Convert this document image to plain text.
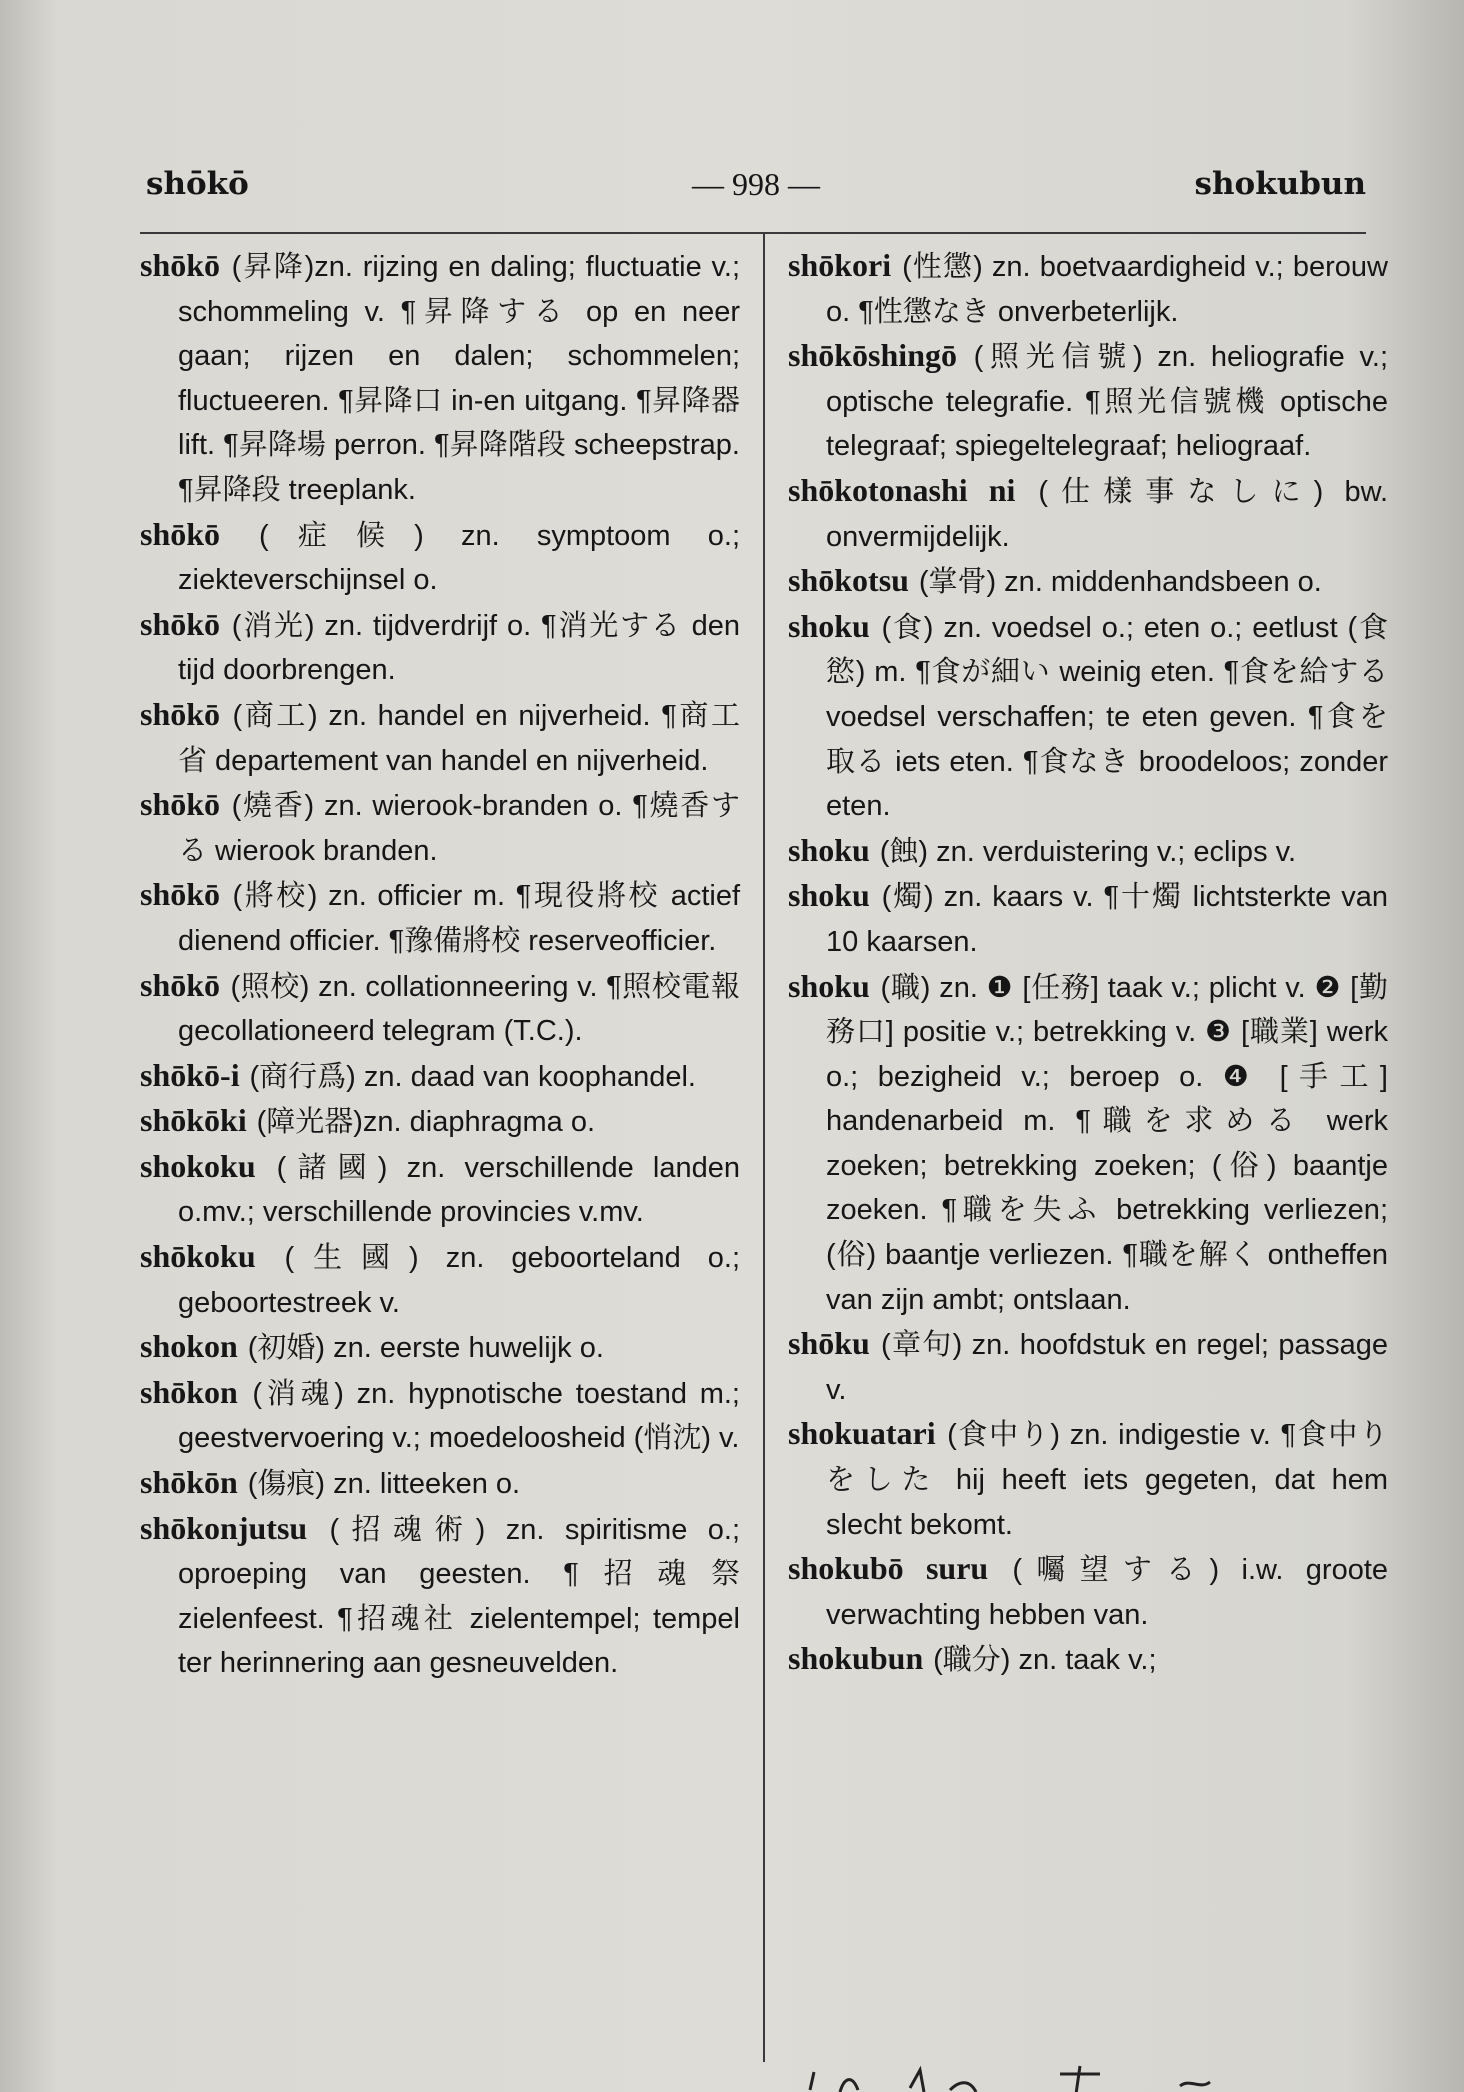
shōkō	— 998 —	shokubun

shōkō (昇降)zn. rijzing en daling; fluctuatie v.; schommeling v. ¶昇降する op en neer gaan; rijzen en dalen; schommelen; fluctueeren. ¶昇降口 in-en uitgang. ¶昇降器 lift. ¶昇降場 perron. ¶昇降階段 scheepstrap. ¶昇降段 treeplank.

shōkō (症候) zn. symptoom o.; ziekteverschijnsel o.

shōkō (消光) zn. tijdverdrijf o. ¶消光する den tijd doorbrengen.

shōkō (商工) zn. handel en nijverheid. ¶商工省 departement van handel en nijverheid.

shōkō (燒香) zn. wierook-branden o. ¶燒香する wierook branden.

shōkō (將校) zn. officier m. ¶現役將校 actief dienend officier. ¶豫備將校 reserveofficier.

shōkō (照校) zn. collationneering v. ¶照校電報 gecollationeerd telegram (T.C.).

shōkō-i (商行爲) zn. daad van koophandel.

shōkōki (障光器)zn. diaphragma o.

shokoku (諸國) zn. verschillende landen o.mv.; verschillende provincies v.mv.

shōkoku (生國) zn. geboorteland o.; geboortestreek v.

shokon (初婚) zn. eerste huwelijk o.

shōkon (消魂) zn. hypnotische toestand m.; geestvervoering v.; moedeloosheid (悄沈) v.

shōkōn (傷痕) zn. litteeken o.

shōkonjutsu (招魂術) zn. spiritisme o.; oproeping van geesten. ¶招魂祭 zielenfeest. ¶招魂社 zielentempel; tempel ter herinnering aan gesneuvelden.

shōkori (性懲) zn. boetvaardigheid v.; berouw o. ¶性懲なき onverbeterlijk.

shōkōshingō (照光信號) zn. heliografie v.; optische telegrafie. ¶照光信號機 optische telegraaf; spiegeltelegraaf; heliograaf.

shōkotonashi ni (仕樣事なしに) bw. onvermijdelijk.

shōkotsu (掌骨) zn. middenhandsbeen o.

shoku (食) zn. voedsel o.; eten o.; eetlust (食慾) m. ¶食が細い weinig eten. ¶食を給する voedsel verschaffen; te eten geven. ¶食を取る iets eten. ¶食なき broodeloos; zonder eten.

shoku (蝕) zn. verduistering v.; eclips v.

shoku (燭) zn. kaars v. ¶十燭 lichtsterkte van 10 kaarsen.

shoku (職) zn. ❶ [任務] taak v.; plicht v. ❷ [勤務口] positie v.; betrekking v. ❸ [職業] werk o.; bezigheid v.; beroep o. ❹ [手工] handenarbeid m. ¶職を求める werk zoeken; betrekking zoeken; (俗) baantje zoeken. ¶職を失ふ betrekking verliezen; (俗) baantje verliezen. ¶職を解く ontheffen van zijn ambt; ontslaan.

shōku (章句) zn. hoofdstuk en regel; passage v.

shokuatari (食中り) zn. indigestie v. ¶食中りをした hij heeft iets gegeten, dat hem slecht bekomt.

shokubō suru (囑望する) i.w. groote verwachting hebben van.

shokubun (職分) zn. taak v.;
